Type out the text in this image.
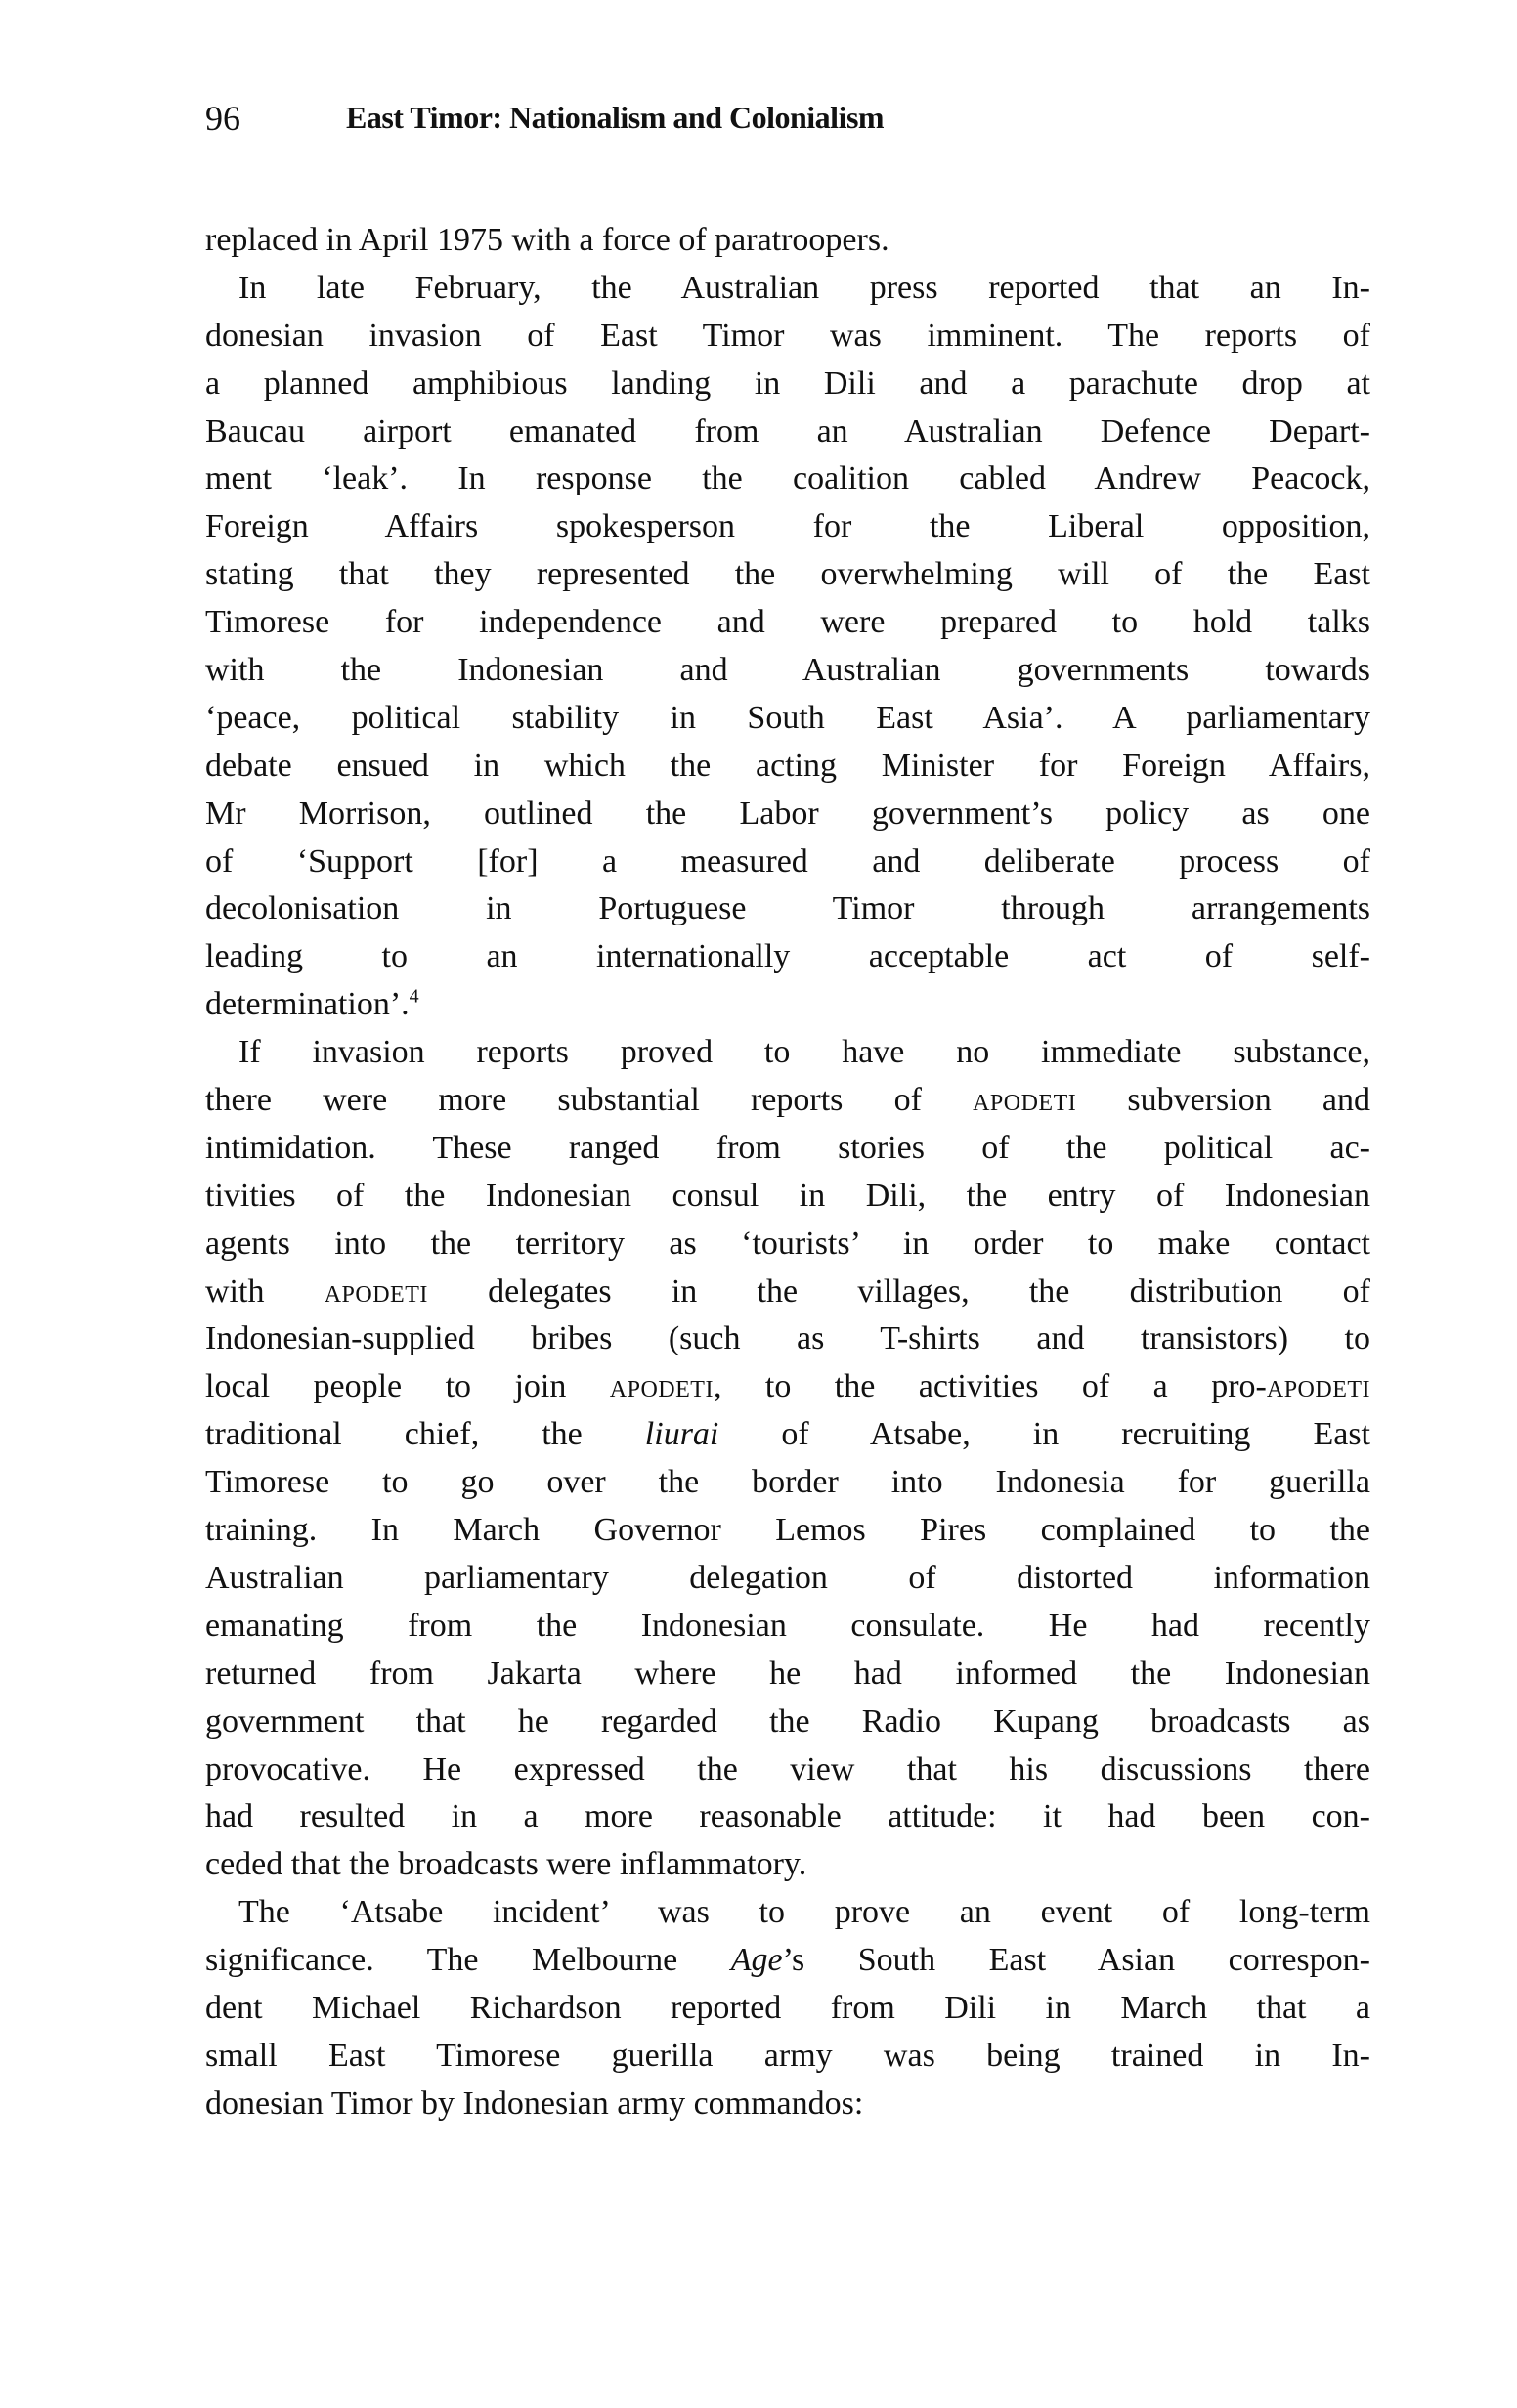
96	East Timor: Nationalism and Colonialism
replaced in April 1975 with a force of paratroopers.
In late February, the Australian press reported that an In-
donesian invasion of East Timor was imminent. The reports of
a planned amphibious landing in Dili and a parachute drop at
Baucau airport emanated from an Australian Defence Depart-
ment ‘leak’. In response the coalition cabled Andrew Peacock,
Foreign Affairs spokesperson for the Liberal opposition,
stating that they represented the overwhelming will of the East
Timorese for independence and were prepared to hold talks
with the Indonesian and Australian governments towards
‘peace, political stability in South East Asia’. A parliamentary
debate ensued in which the acting Minister for Foreign Affairs,
Mr Morrison, outlined the Labor government’s policy as one
of ‘Support [for] a measured and deliberate process of
decolonisation in Portuguese Timor through arrangements
leading to an internationally acceptable act of self-
determination’.$^4$
If invasion reports proved to have no immediate substance,
there were more substantial reports of apodeti subversion and
intimidation. These ranged from stories of the political ac-
tivities of the Indonesian consul in Dili, the entry of Indonesian
agents into the territory as ‘tourists’ in order to make contact
with apodeti delegates in the villages, the distribution of
Indonesian-supplied bribes (such as T-shirts and transistors) to
local people to join apodeti, to the activities of a pro-apodeti
traditional chief, the liurai of Atsabe, in recruiting East
Timorese to go over the border into Indonesia for guerilla
training. In March Governor Lemos Pires complained to the
Australian parliamentary delegation of distorted information
emanating from the Indonesian consulate. He had recently
returned from Jakarta where he had informed the Indonesian
government that he regarded the Radio Kupang broadcasts as
provocative. He expressed the view that his discussions there
had resulted in a more reasonable attitude: it had been con-
ceded that the broadcasts were inflammatory.
The ‘Atsabe incident’ was to prove an event of long-term
significance. The Melbourne Age’s South East Asian correspon-
dent Michael Richardson reported from Dili in March that a
small East Timorese guerilla army was being trained in In-
donesian Timor by Indonesian army commandos:
